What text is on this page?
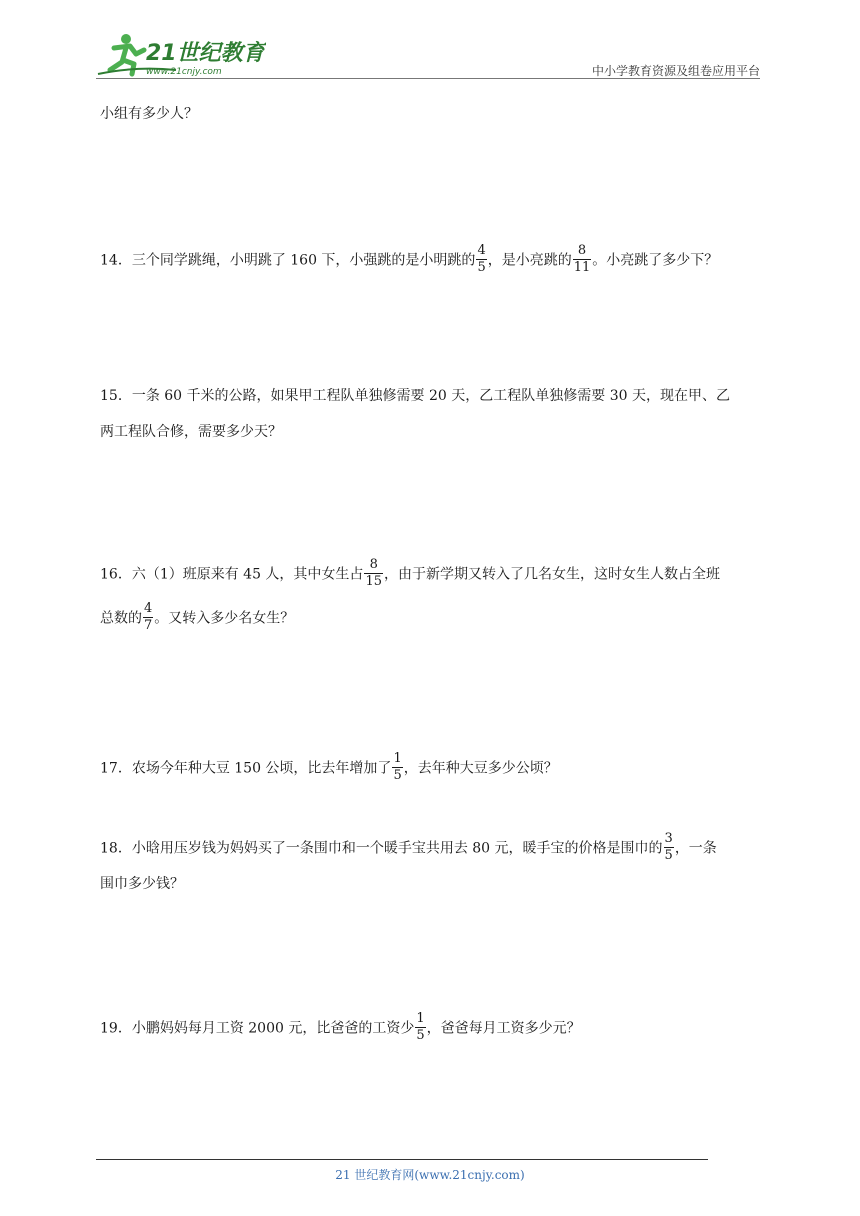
21世纪教育
www.21cnjy.com	中小学教育资源及组卷应用平台
小组有多少人？
14．三个同学跳绳，小明跳了 160 下，小强跳的是小明跳的 $\frac{4}{5}$ ，是小亮跳的 $\frac{8}{11}$ 。小亮跳了多少下？
15．一条 60 千米的公路，如果甲工程队单独修需要 20 天，乙工程队单独修需要 30 天，现在甲、乙
两工程队合修，需要多少天？
16．六（1）班原来有 45 人，其中女生占 $\frac{8}{15}$ ，由于新学期又转入了几名女生，这时女生人数占全班
总数的 $\frac{4}{7}$ 。又转入多少名女生？
17．农场今年种大豆 150 公顷，比去年增加了 $\frac{1}{5}$ ，去年种大豆多少公顷？
18．小晗用压岁钱为妈妈买了一条围巾和一个暖手宝共用去 80 元，暖手宝的价格是围巾的 $\frac{3}{5}$ ，一条
围巾多少钱？
19．小鹏妈妈每月工资 2000 元，比爸爸的工资少 $\frac{1}{5}$ ，爸爸每月工资多少元？
21 世纪教育网(www.21cnjy.com)
